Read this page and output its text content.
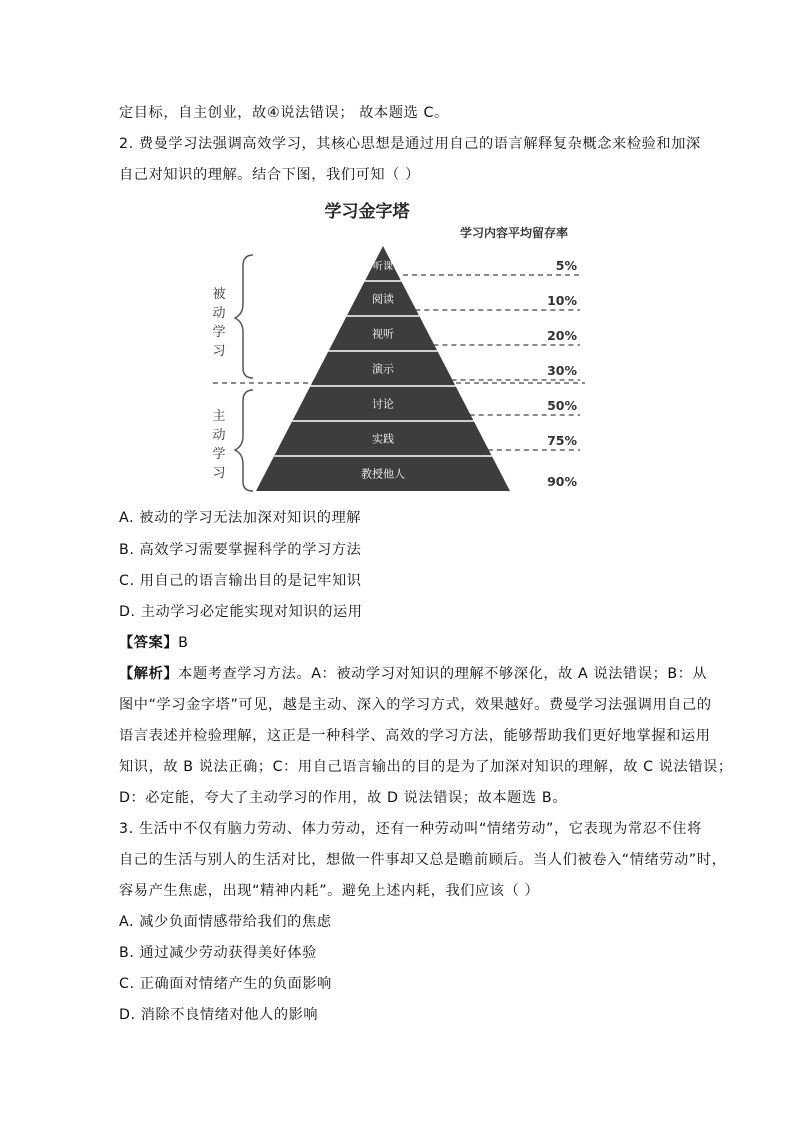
定目标，自主创业，故④说法错误； 故本题选 C。
2. 费曼学习法强调高效学习，其核心思想是通过用自己的语言解释复杂概念来检验和加深
自己对知识的理解。结合下图，我们可知（ ）
学习金字塔
学习内容平均留存率
被
动
学
习
主
动
学
习
听课	5%
阅读	10%
视听	20%
演示	30%
讨论	50%
实践	75%
教授他人	90%
A. 被动的学习无法加深对知识的理解
B. 高效学习需要掌握科学的学习方法
C. 用自己的语言输出目的是记牢知识
D. 主动学习必定能实现对知识的运用
【答案】B
【解析】本题考查学习方法。A：被动学习对知识的理解不够深化，故 A 说法错误；B：从
图中“学习金字塔”可见，越是主动、深入的学习方式，效果越好。费曼学习法强调用自己的
语言表述并检验理解，这正是一种科学、高效的学习方法，能够帮助我们更好地掌握和运用
知识，故 B 说法正确；C：用自己语言输出的目的是为了加深对知识的理解，故 C 说法错误；
D：必定能，夸大了主动学习的作用，故 D 说法错误；故本题选 B。
3. 生活中不仅有脑力劳动、体力劳动，还有一种劳动叫“情绪劳动”，它表现为常忍不住将
自己的生活与别人的生活对比，想做一件事却又总是瞻前顾后。当人们被卷入“情绪劳动”时，
容易产生焦虑，出现“精神内耗”。避免上述内耗，我们应该（ ）
A. 减少负面情感带给我们的焦虑
B. 通过减少劳动获得美好体验
C. 正确面对情绪产生的负面影响
D. 消除不良情绪对他人的影响
